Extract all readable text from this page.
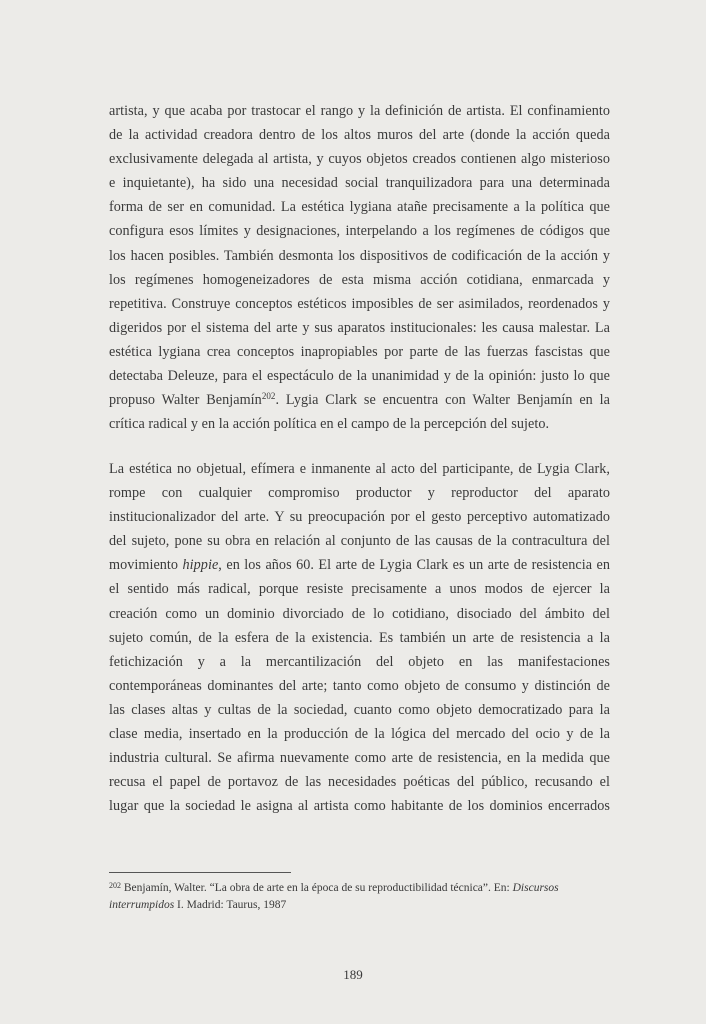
artista, y que acaba por trastocar el rango y la definición de artista. El confinamiento
de la actividad creadora dentro de los altos muros del arte (donde la acción queda
exclusivamente delegada al artista, y cuyos objetos creados contienen algo misterioso
e inquietante), ha sido una necesidad social tranquilizadora para una determinada
forma de ser en comunidad. La estética lygiana atañe precisamente a la política que
configura esos límites y designaciones, interpelando a los regímenes de códigos que
los hacen posibles. También desmonta los dispositivos de codificación de la acción y
los regímenes homogeneizadores de esta misma acción cotidiana, enmarcada y
repetitiva. Construye conceptos estéticos imposibles de ser asimilados, reordenados y
digeridos por el sistema del arte y sus aparatos institucionales: les causa malestar. La
estética lygiana crea conceptos inapropiables por parte de las fuerzas fascistas que
detectaba Deleuze, para el espectáculo de la unanimidad y de la opinión: justo lo que
propuso Walter Benjamín$^{202}$. Lygia Clark se encuentra con Walter Benjamín en la
crítica radical y en la acción política en el campo de la percepción del sujeto.
La estética no objetual, efímera e inmanente al acto del participante, de Lygia Clark,
rompe con cualquier compromiso productor y reproductor del aparato
institucionalizador del arte. Y su preocupación por el gesto perceptivo automatizado
del sujeto, pone su obra en relación al conjunto de las causas de la contracultura del
movimiento hippie, en los años 60. El arte de Lygia Clark es un arte de resistencia en
el sentido más radical, porque resiste precisamente a unos modos de ejercer la
creación como un dominio divorciado de lo cotidiano, disociado del ámbito del
sujeto común, de la esfera de la existencia. Es también un arte de resistencia a la
fetichización y a la mercantilización del objeto en las manifestaciones
contemporáneas dominantes del arte; tanto como objeto de consumo y distinción de
las clases altas y cultas de la sociedad, cuanto como objeto democratizado para la
clase media, insertado en la producción de la lógica del mercado del ocio y de la
industria cultural. Se afirma nuevamente como arte de resistencia, en la medida que
recusa el papel de portavoz de las necesidades poéticas del público, recusando el
lugar que la sociedad le asigna al artista como habitante de los dominios encerrados
$^{202}$ Benjamín, Walter. “La obra de arte en la época de su reproductibilidad técnica”. En: Discursos interrumpidos I. Madrid: Taurus, 1987
189
